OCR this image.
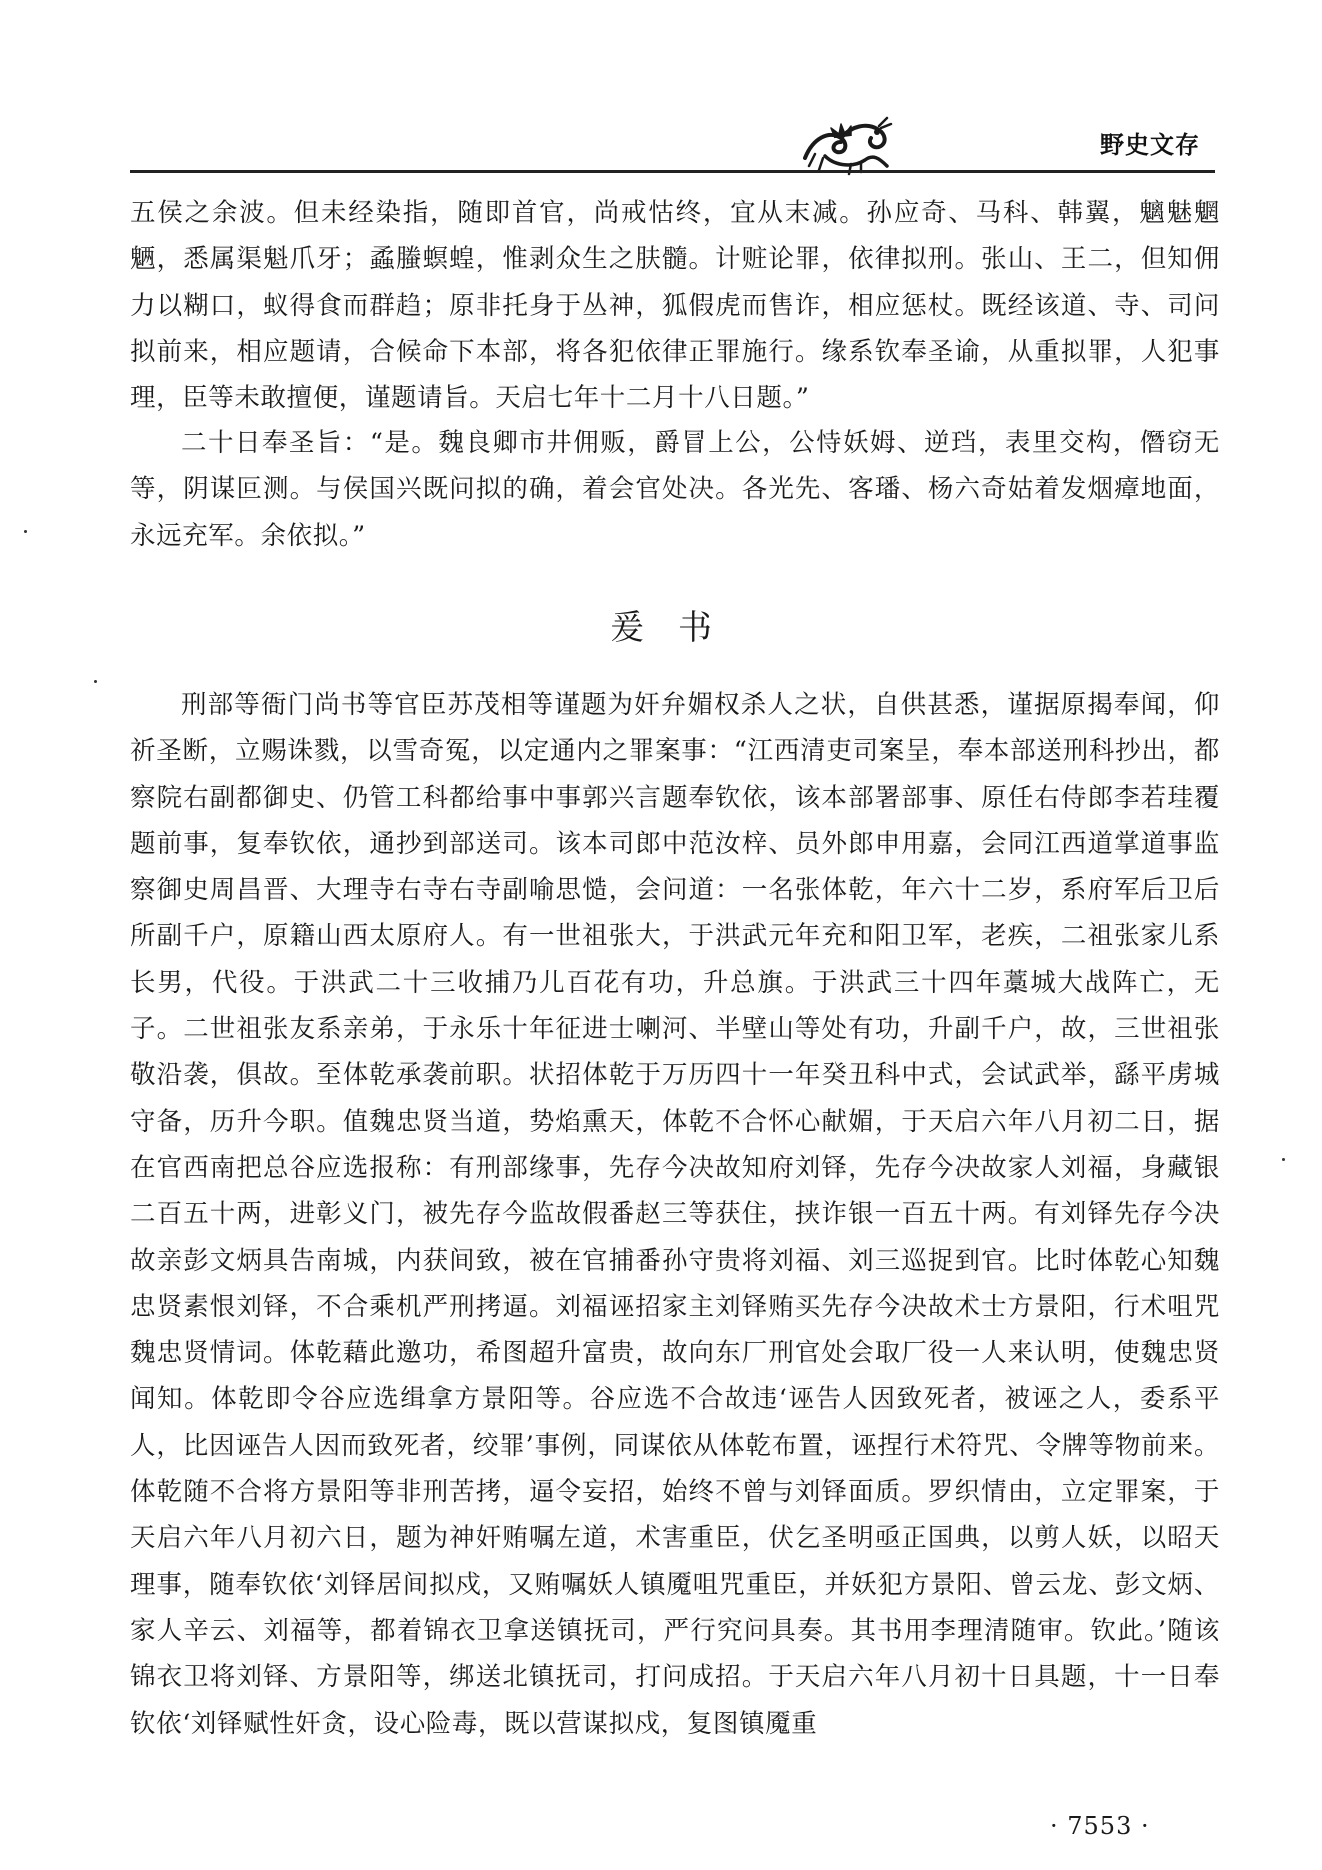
野史文存

五侯之余波。但未经染指，随即首官，尚戒怙终，宜从末减。孙应奇、马科、韩翼，魑魅魍魉，悉属渠魁爪牙；蟊螣螟蝗，惟剥众生之肤髓。计赃论罪，依律拟刑。张山、王二，但知佣力以糊口，蚁得食而群趋；原非托身于丛神，狐假虎而售诈，相应惩杖。既经该道、寺、司问拟前来，相应题请，合候命下本部，将各犯依律正罪施行。缘系钦奉圣谕，从重拟罪，人犯事理，臣等未敢擅便，谨题请旨。天启七年十二月十八日题。”

二十日奉圣旨：“是。魏良卿市井佣贩，爵冒上公，公恃妖姆、逆珰，表里交构，僭窃无等，阴谋叵测。与侯国兴既问拟的确，着会官处决。各光先、客璠、杨六奇姑着发烟瘴地面，永远充军。余依拟。”

爰书

刑部等衙门尚书等官臣苏茂相等谨题为奸弁媚权杀人之状，自供甚悉，谨据原揭奉闻，仰祈圣断，立赐诛戮，以雪奇冤，以定通内之罪案事：“江西清吏司案呈，奉本部送刑科抄出，都察院右副都御史、仍管工科都给事中事郭兴言题奉钦依，该本部署部事、原任右侍郎李若珪覆题前事，复奉钦依，通抄到部送司。该本司郎中范汝梓、员外郎申用嘉，会同江西道掌道事监察御史周昌晋、大理寺右寺右寺副喻思慥，会问道：一名张体乾，年六十二岁，系府军后卫后所副千户，原籍山西太原府人。有一世祖张大，于洪武元年充和阳卫军，老疾，二祖张家儿系长男，代役。于洪武二十三收捕乃儿百花有功，升总旗。于洪武三十四年藁城大战阵亡，无子。二世祖张友系亲弟，于永乐十年征进士喇河、半壁山等处有功，升副千户，故，三世祖张敬沿袭，俱故。至体乾承袭前职。状招体乾于万历四十一年癸丑科中式，会试武举，繇平虏城守备，历升今职。值魏忠贤当道，势焰熏天，体乾不合怀心献媚，于天启六年八月初二日，据在官西南把总谷应选报称：有刑部缘事，先存今决故知府刘铎，先存今决故家人刘福，身藏银二百五十两，进彰义门，被先存今监故假番赵三等获住，挟诈银一百五十两。有刘铎先存今决故亲彭文炳具告南城，内获间致，被在官捕番孙守贵将刘福、刘三巡捉到官。比时体乾心知魏忠贤素恨刘铎，不合乘机严刑拷逼。刘福诬招家主刘铎贿买先存今决故术士方景阳，行术咀咒魏忠贤情词。体乾藉此邀功，希图超升富贵，故向东厂刑官处会取厂役一人来认明，使魏忠贤闻知。体乾即令谷应选缉拿方景阳等。谷应选不合故违‘诬告人因致死者，被诬之人，委系平人，比因诬告人因而致死者，绞罪’事例，同谋依从体乾布置，诬捏行术符咒、令牌等物前来。体乾随不合将方景阳等非刑苦拷，逼令妄招，始终不曾与刘铎面质。罗织情由，立定罪案，于天启六年八月初六日，题为神奸贿嘱左道，术害重臣，伏乞圣明亟正国典，以剪人妖，以昭天理事，随奉钦依‘刘铎居间拟戍，又贿嘱妖人镇魇咀咒重臣，并妖犯方景阳、曾云龙、彭文炳、家人辛云、刘福等，都着锦衣卫拿送镇抚司，严行究问具奏。其书用李理清随审。钦此。’随该锦衣卫将刘铎、方景阳等，绑送北镇抚司，打问成招。于天启六年八月初十日具题，十一日奉钦依‘刘铎赋性奸贪，设心险毒，既以营谋拟戍，复图镇魇重

· 7553 ·
